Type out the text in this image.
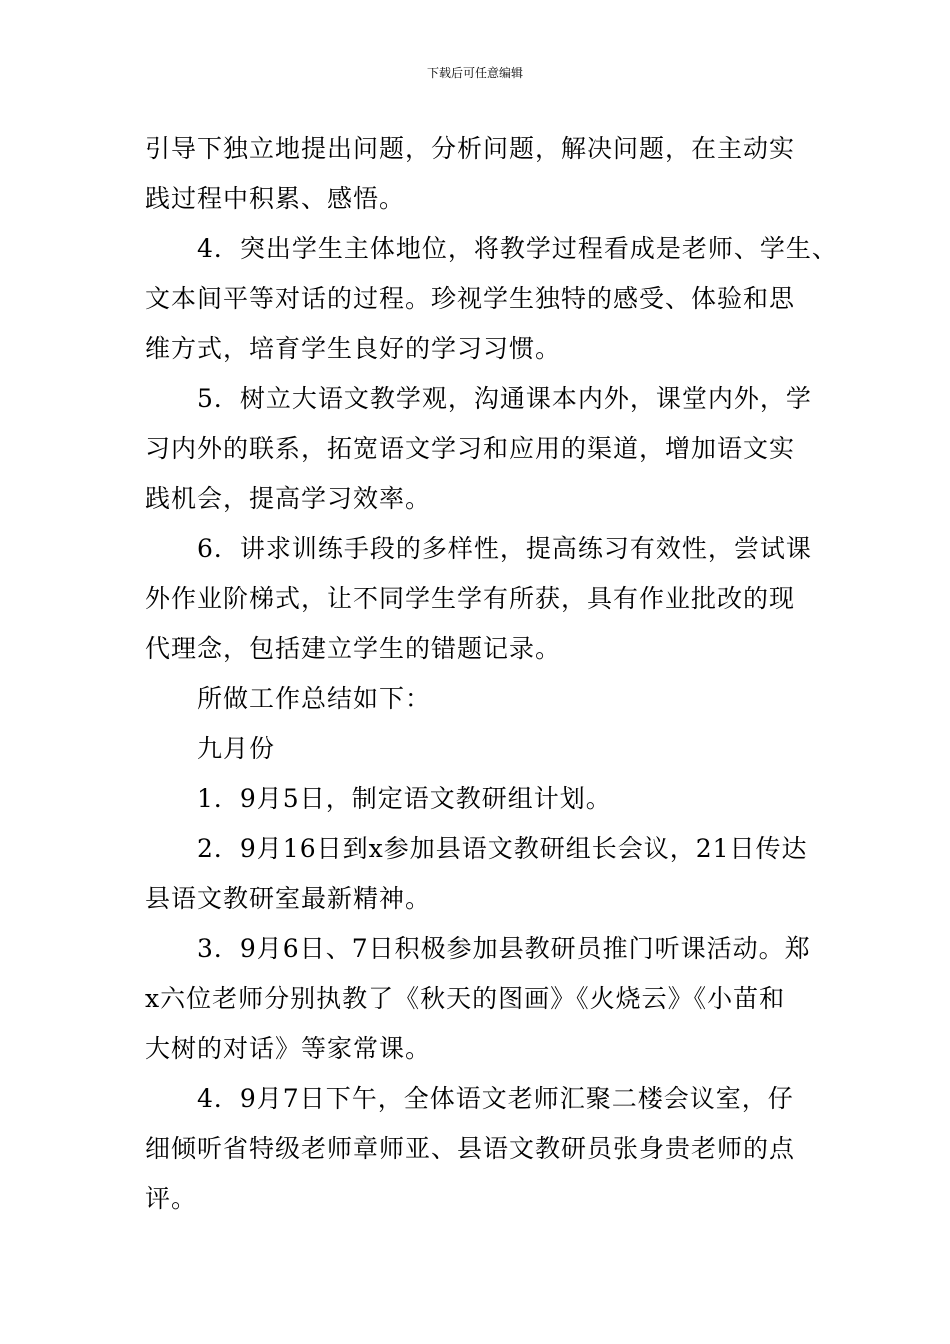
下载后可任意编辑
引导下独立地提出问题，分析问题，解决问题，在主动实
践过程中积累、感悟。
4．突出学生主体地位，将教学过程看成是老师、学生、
文本间平等对话的过程。珍视学生独特的感受、体验和思
维方式，培育学生良好的学习习惯。
5．树立大语文教学观，沟通课本内外，课堂内外，学
习内外的联系，拓宽语文学习和应用的渠道，增加语文实
践机会，提高学习效率。
6．讲求训练手段的多样性，提高练习有效性，尝试课
外作业阶梯式，让不同学生学有所获，具有作业批改的现
代理念，包括建立学生的错题记录。
所做工作总结如下：
九月份
1．9月5日，制定语文教研组计划。
2．9月16日到x参加县语文教研组长会议，21日传达
县语文教研室最新精神。
3．9月6日、7日积极参加县教研员推门听课活动。郑
x六位老师分别执教了《秋天的图画》《火烧云》《小苗和
大树的对话》等家常课。
4．9月7日下午，全体语文老师汇聚二楼会议室，仔
细倾听省特级老师章师亚、县语文教研员张身贵老师的点
评。
